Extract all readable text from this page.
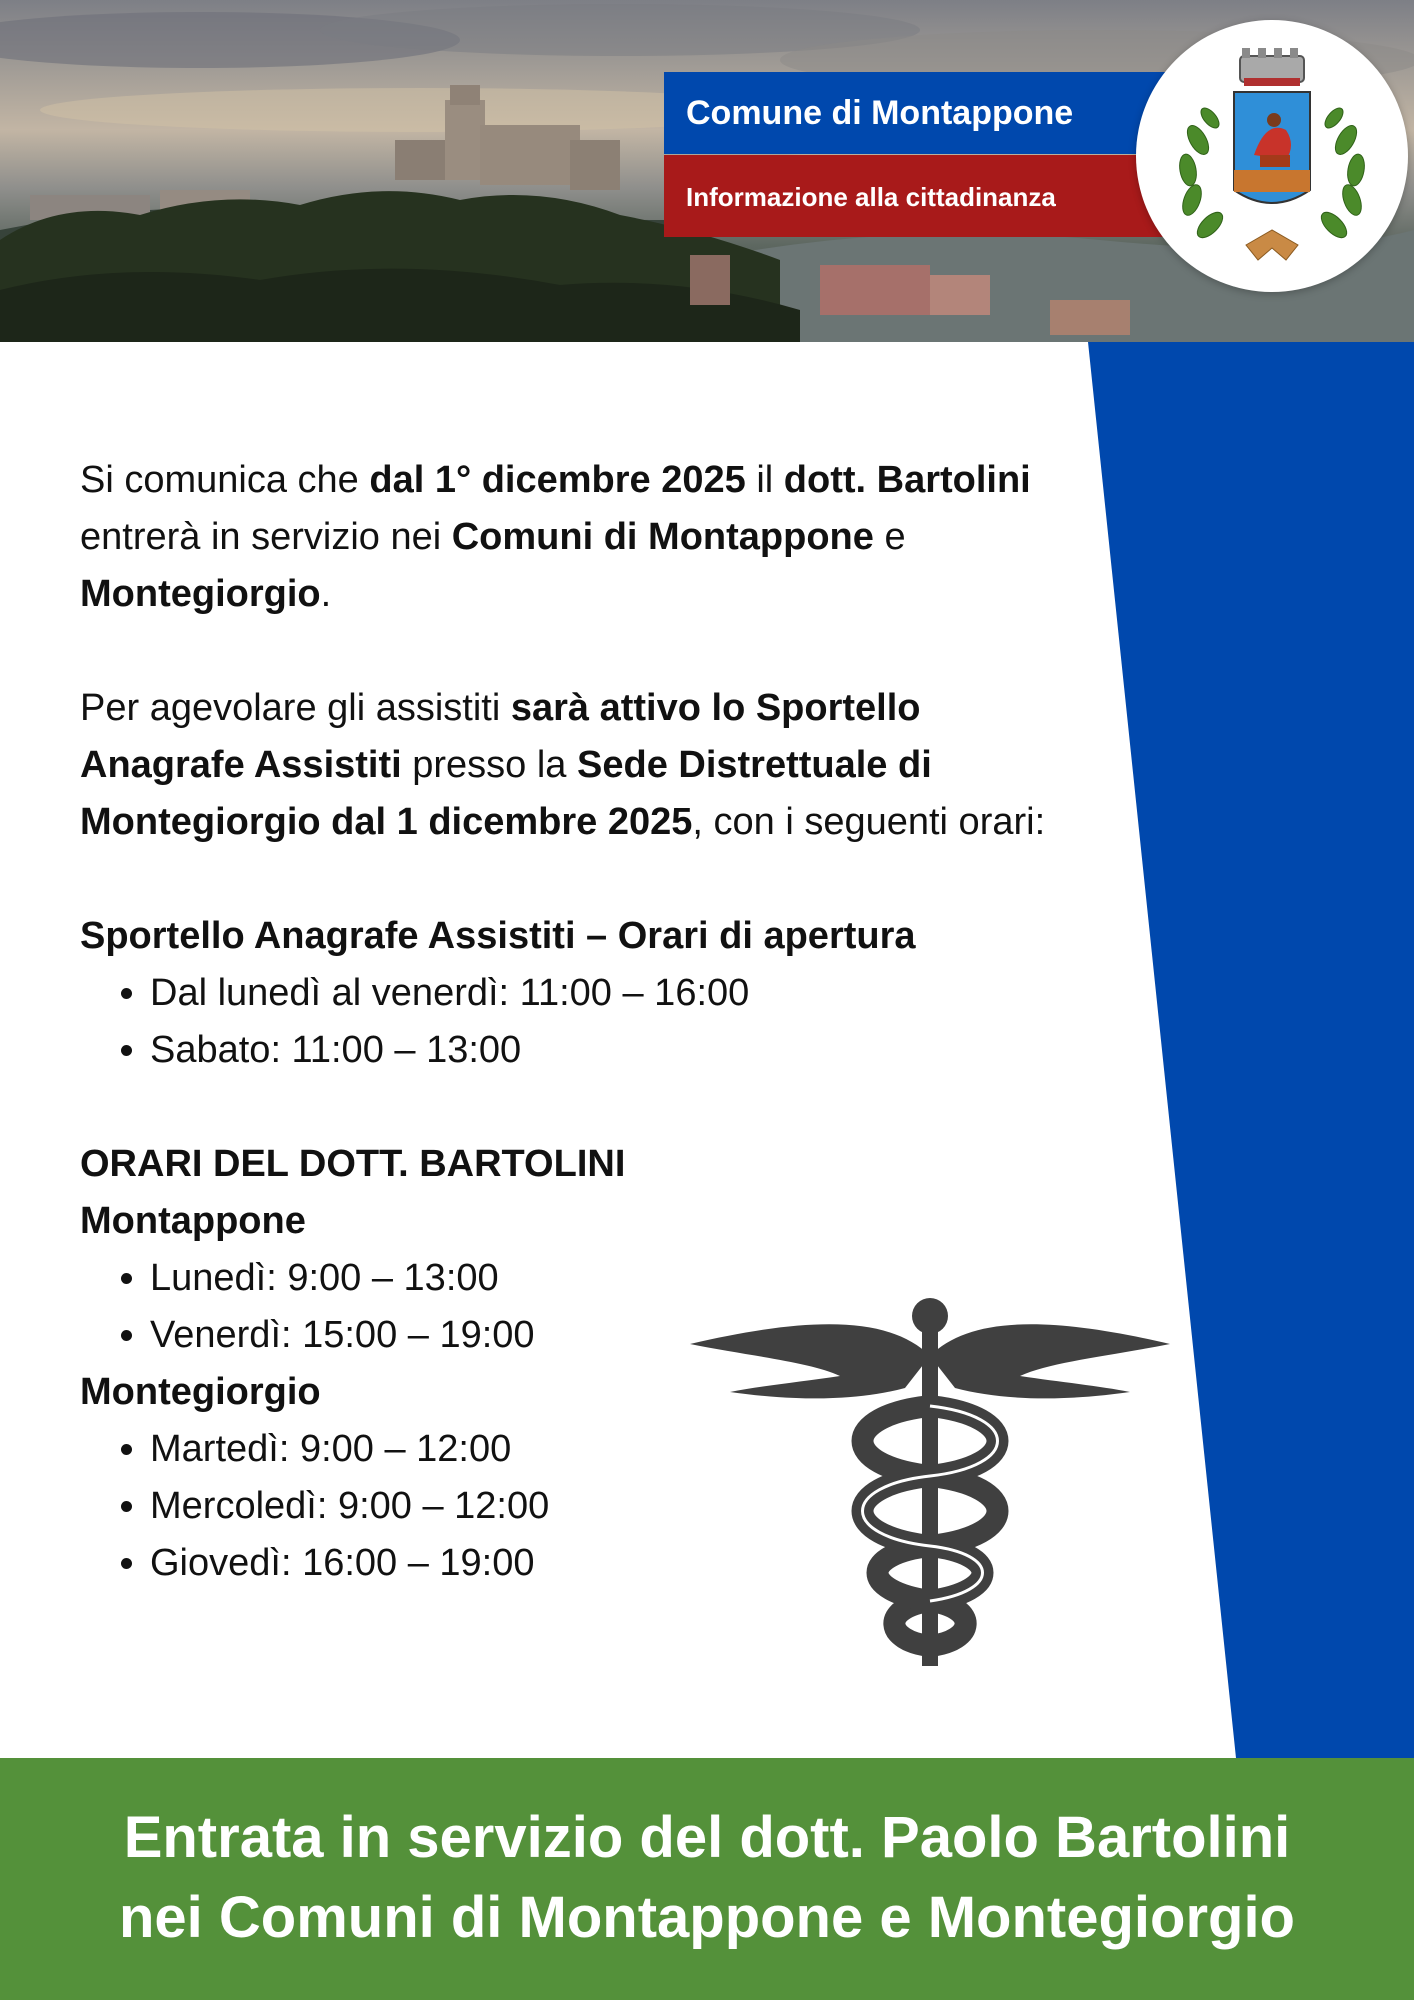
Comune di Montappone
Informazione alla cittadinanza

Si comunica che dal 1° dicembre 2025 il dott. Bartolini entrerà in servizio nei Comuni di Montappone e Montegiorgio.

Per agevolare gli assistiti sarà attivo lo Sportello Anagrafe Assistiti presso la Sede Distrettuale di Montegiorgio dal 1 dicembre 2025, con i seguenti orari:

Sportello Anagrafe Assistiti – Orari di apertura

• Dal lunedì al venerdì: 11:00 – 16:00
• Sabato: 11:00 – 13:00

ORARI DEL DOTT. BARTOLINI

Montappone

• Lunedì: 9:00 – 13:00
• Venerdì: 15:00 – 19:00

Montegiorgio

• Martedì: 9:00 – 12:00
• Mercoledì: 9:00 – 12:00
• Giovedì: 16:00 – 19:00
Entrata in servizio del dott. Paolo Bartolini
nei Comuni di Montappone e Montegiorgio
